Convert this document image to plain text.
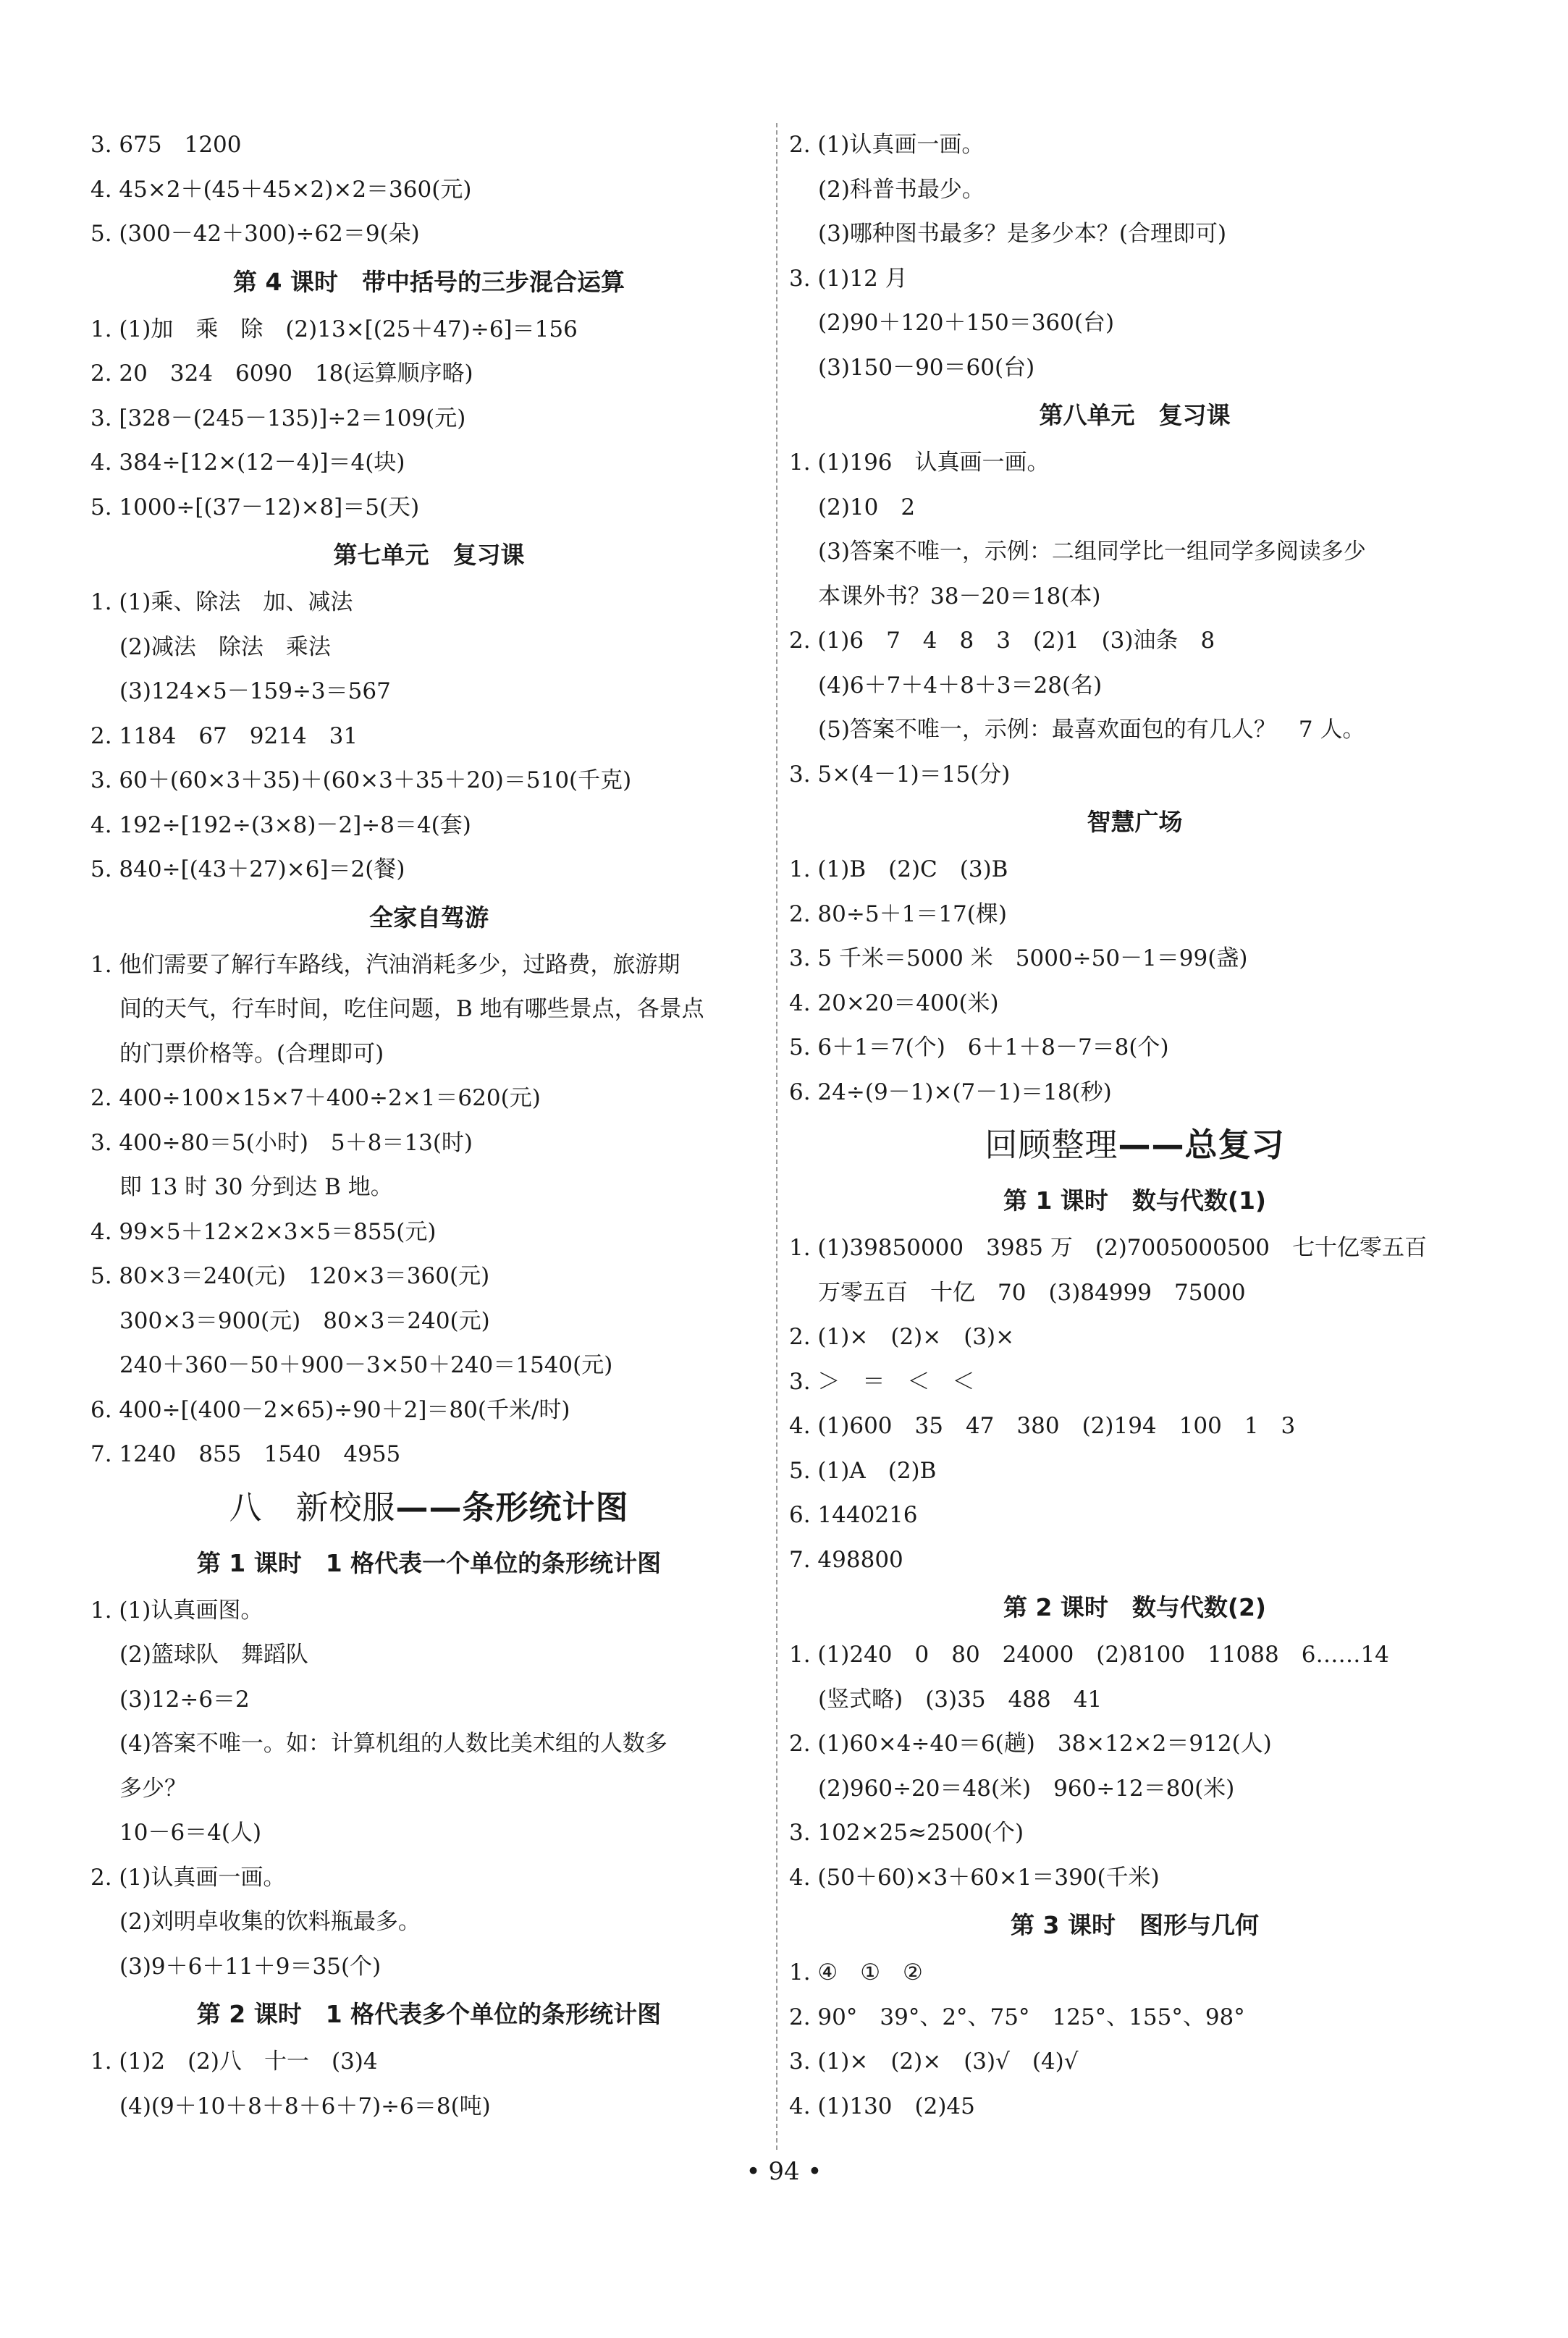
3. 675　1200
4. 45×2＋(45＋45×2)×2＝360(元)
5. (300－42＋300)÷62＝9(朵)
第 4 课时　带中括号的三步混合运算
1. (1)加　乘　除　(2)13×[(25＋47)÷6]＝156
2. 20　324　6090　18(运算顺序略)
3. [328－(245－135)]÷2＝109(元)
4. 384÷[12×(12－4)]＝4(块)
5. 1000÷[(37－12)×8]＝5(天)
第七单元　复习课
1. (1)乘、除法　加、减法
(2)减法　除法　乘法
(3)124×5－159÷3＝567
2. 1184　67　9214　31
3. 60＋(60×3＋35)＋(60×3＋35＋20)＝510(千克)
4. 192÷[192÷(3×8)－2]÷8＝4(套)
5. 840÷[(43＋27)×6]＝2(餐)
全家自驾游
1. 他们需要了解行车路线，汽油消耗多少，过路费，旅游期
间的天气，行车时间，吃住问题，B 地有哪些景点，各景点
的门票价格等。(合理即可)
2. 400÷100×15×7＋400÷2×1＝620(元)
3. 400÷80＝5(小时)　5＋8＝13(时)
即 13 时 30 分到达 B 地。
4. 99×5＋12×2×3×5＝855(元)
5. 80×3＝240(元)　120×3＝360(元)
300×3＝900(元)　80×3＝240(元)
240＋360－50＋900－3×50＋240＝1540(元)
6. 400÷[(400－2×65)÷90＋2]＝80(千米/时)
7. 1240　855　1540　4955
八　新校服——条形统计图
第 1 课时　1 格代表一个单位的条形统计图
1. (1)认真画图。
(2)篮球队　舞蹈队
(3)12÷6＝2
(4)答案不唯一。如：计算机组的人数比美术组的人数多
多少？
10－6＝4(人)
2. (1)认真画一画。
(2)刘明卓收集的饮料瓶最多。
(3)9＋6＋11＋9＝35(个)
第 2 课时　1 格代表多个单位的条形统计图
1. (1)2　(2)八　十一　(3)4
(4)(9＋10＋8＋8＋6＋7)÷6＝8(吨)
2. (1)认真画一画。
(2)科普书最少。
(3)哪种图书最多？是多少本？(合理即可)
3. (1)12 月
(2)90＋120＋150＝360(台)
(3)150－90＝60(台)
第八单元　复习课
1. (1)196　认真画一画。
(2)10　2
(3)答案不唯一，示例：二组同学比一组同学多阅读多少
本课外书？38－20＝18(本)
2. (1)6　7　4　8　3　(2)1　(3)油条　8
(4)6＋7＋4＋8＋3＝28(名)
(5)答案不唯一，示例：最喜欢面包的有几人？　7 人。
3. 5×(4－1)＝15(分)
智慧广场
1. (1)B　(2)C　(3)B
2. 80÷5＋1＝17(棵)
3. 5 千米＝5000 米　5000÷50－1＝99(盏)
4. 20×20＝400(米)
5. 6＋1＝7(个)　6＋1＋8－7＝8(个)
6. 24÷(9－1)×(7－1)＝18(秒)
回顾整理——总复习
第 1 课时　数与代数(1)
1. (1)39850000　3985 万　(2)7005000500　七十亿零五百
万零五百　十亿　70　(3)84999　75000
2. (1)×　(2)×　(3)×
3. ＞　＝　＜　＜
4. (1)600　35　47　380　(2)194　100　1　3
5. (1)A　(2)B
6. 1440216
7. 498800
第 2 课时　数与代数(2)
1. (1)240　0　80　24000　(2)8100　11088　6……14
(竖式略)　(3)35　488　41
2. (1)60×4÷40＝6(趟)　38×12×2＝912(人)
(2)960÷20＝48(米)　960÷12＝80(米)
3. 102×25≈2500(个)
4. (50＋60)×3＋60×1＝390(千米)
第 3 课时　图形与几何
1. ④　①　②
2. 90°　39°、2°、75°　125°、155°、98°
3. (1)×　(2)×　(3)√　(4)√
4. (1)130　(2)45
• 94 •
